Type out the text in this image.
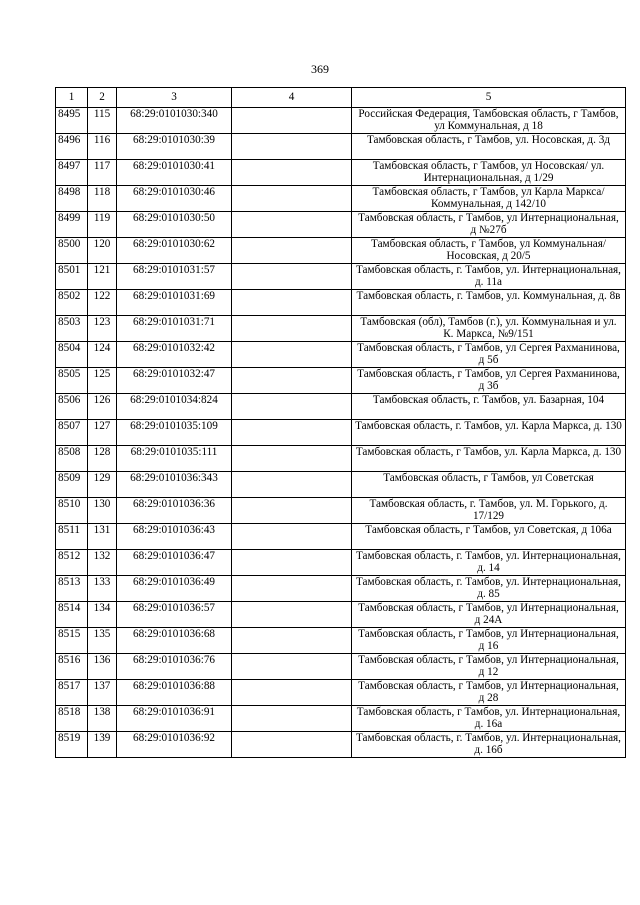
369
1	2	3	4	5
8495	115	68:29:0101030:340		Российская Федерация, Тамбовская область, г Тамбов, ул Коммунальная, д 18
8496	116	68:29:0101030:39		Тамбовская область, г Тамбов, ул. Носовская, д. 3д
8497	117	68:29:0101030:41		Тамбовская область, г Тамбов, ул Носовская/ ул. Интернациональная, д 1/29
8498	118	68:29:0101030:46		Тамбовская область, г Тамбов, ул Карла Маркса/Коммунальная, д 142/10
8499	119	68:29:0101030:50		Тамбовская область, г Тамбов, ул Интернациональная, д №27б
8500	120	68:29:0101030:62		Тамбовская область, г Тамбов, ул Коммунальная/Носовская, д 20/5
8501	121	68:29:0101031:57		Тамбовская область, г. Тамбов, ул. Интернациональная, д. 11а
8502	122	68:29:0101031:69		Тамбовская область, г. Тамбов, ул. Коммунальная, д. 8в
8503	123	68:29:0101031:71		Тамбовская (обл), Тамбов (г.), ул. Коммунальная и ул. К. Маркса, №9/151
8504	124	68:29:0101032:42		Тамбовская область, г Тамбов, ул Сергея Рахманинова, д 5б
8505	125	68:29:0101032:47		Тамбовская область, г Тамбов, ул Сергея Рахманинова, д 3б
8506	126	68:29:0101034:824		Тамбовская область, г. Тамбов, ул. Базарная, 104
8507	127	68:29:0101035:109		Тамбовская область, г. Тамбов, ул. Карла Маркса, д. 130
8508	128	68:29:0101035:111		Тамбовская область, г Тамбов, ул. Карла Маркса, д. 130
8509	129	68:29:0101036:343		Тамбовская область, г Тамбов, ул Советская
8510	130	68:29:0101036:36		Тамбовская область, г. Тамбов, ул. М. Горького, д. 17/129
8511	131	68:29:0101036:43		Тамбовская область, г Тамбов, ул Советская, д 106а
8512	132	68:29:0101036:47		Тамбовская область, г. Тамбов, ул. Интернациональная, д. 14
8513	133	68:29:0101036:49		Тамбовская область, г. Тамбов, ул. Интернациональная, д. 85
8514	134	68:29:0101036:57		Тамбовская область, г Тамбов, ул Интернациональная, д 24А
8515	135	68:29:0101036:68		Тамбовская область, г Тамбов, ул Интернациональная, д 16
8516	136	68:29:0101036:76		Тамбовская область, г Тамбов, ул Интернациональная, д 12
8517	137	68:29:0101036:88		Тамбовская область, г Тамбов, ул Интернациональная, д 28
8518	138	68:29:0101036:91		Тамбовская область, г Тамбов, ул. Интернациональная, д. 16а
8519	139	68:29:0101036:92		Тамбовская область, г. Тамбов, ул. Интернациональная, д. 16б
